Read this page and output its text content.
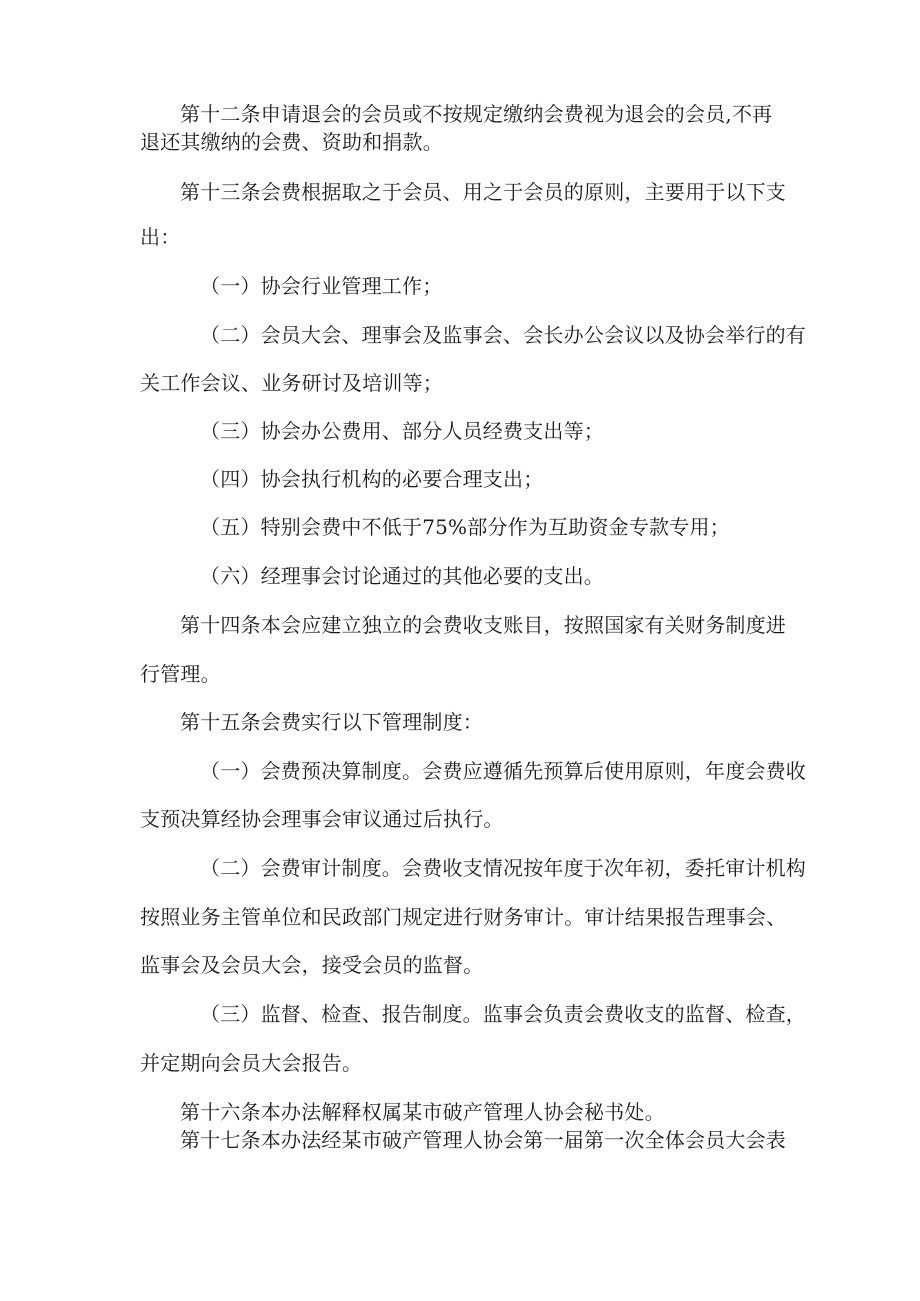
第十二条申请退会的会员或不按规定缴纳会费视为退会的会员,不再
退还其缴纳的会费、资助和捐款。
第十三条会费根据取之于会员、用之于会员的原则，主要用于以下支
出：
（一）协会行业管理工作；
（二）会员大会、理事会及监事会、会长办公会议以及协会举行的有
关工作会议、业务研讨及培训等；
（三）协会办公费用、部分人员经费支出等；
（四）协会执行机构的必要合理支出；
（五）特别会费中不低于75%部分作为互助资金专款专用；
（六）经理事会讨论通过的其他必要的支出。
第十四条本会应建立独立的会费收支账目，按照国家有关财务制度进
行管理。
第十五条会费实行以下管理制度：
（一）会费预决算制度。会费应遵循先预算后使用原则，年度会费收
支预决算经协会理事会审议通过后执行。
（二）会费审计制度。会费收支情况按年度于次年初，委托审计机构
按照业务主管单位和民政部门规定进行财务审计。审计结果报告理事会、
监事会及会员大会，接受会员的监督。
（三）监督、检查、报告制度。监事会负责会费收支的监督、检查，
并定期向会员大会报告。
第十六条本办法解释权属某市破产管理人协会秘书处。
第十七条本办法经某市破产管理人协会第一届第一次全体会员大会表
